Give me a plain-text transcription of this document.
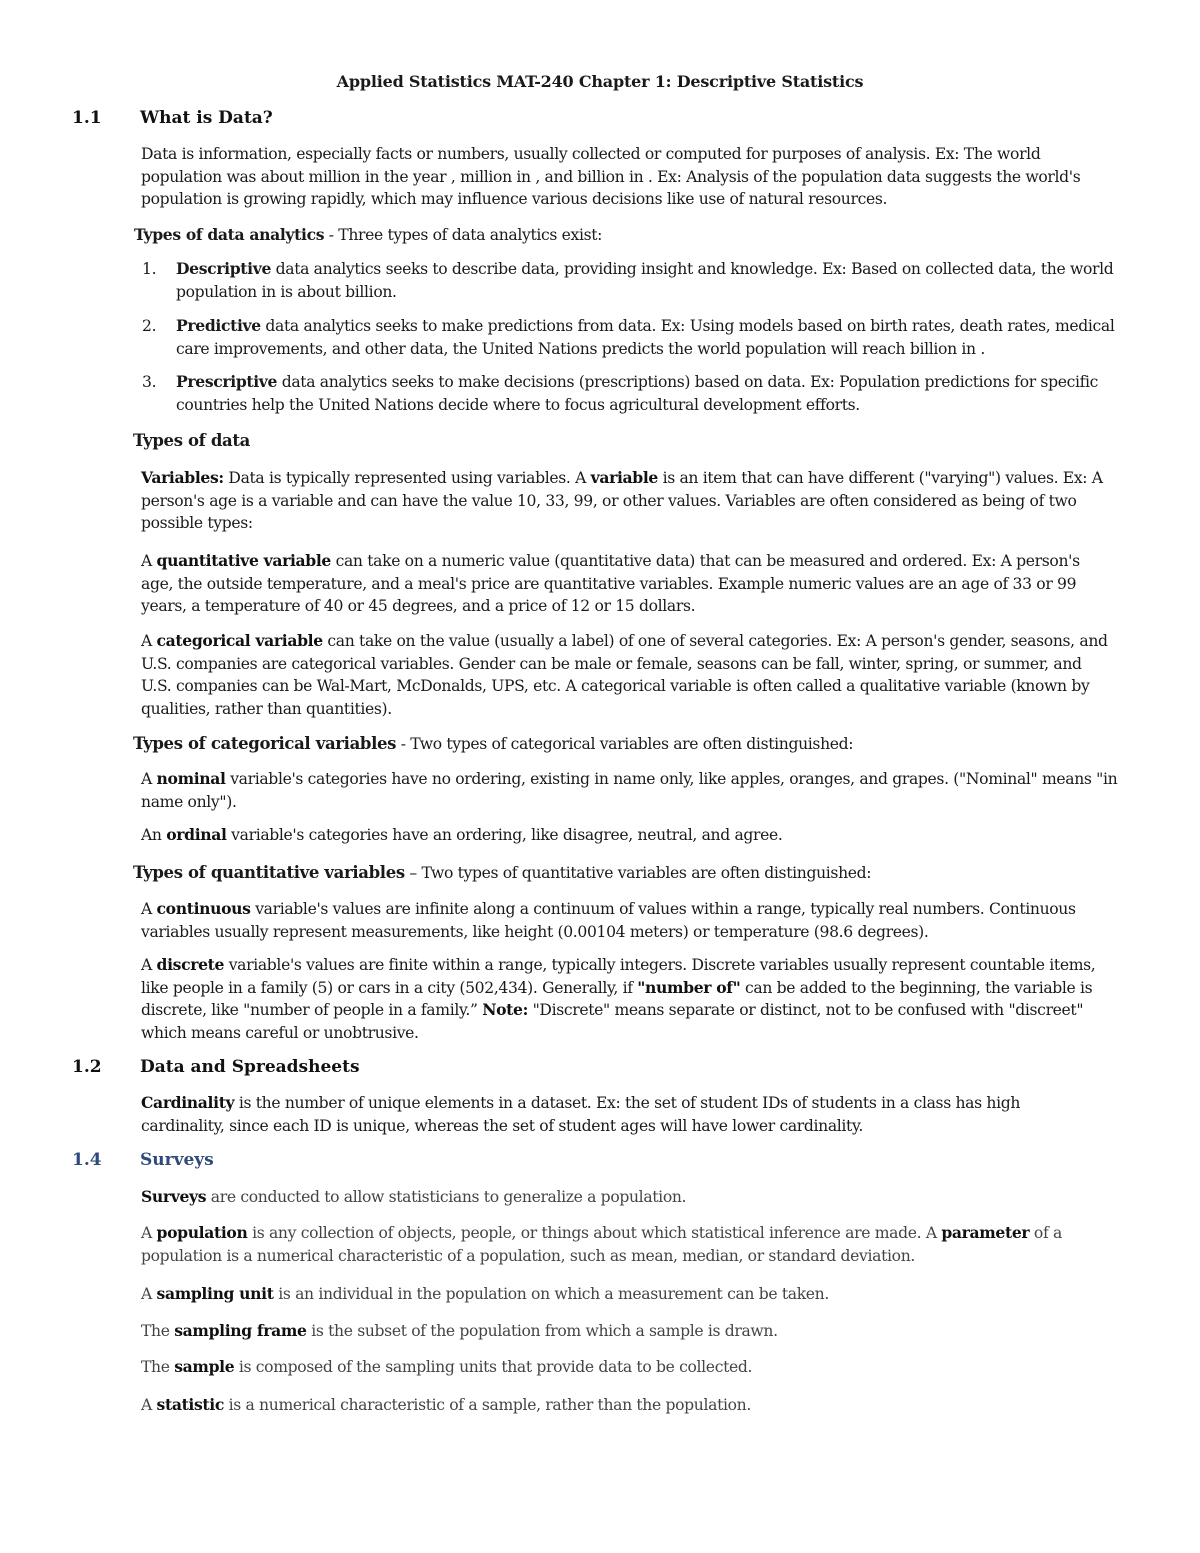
Applied Statistics MAT-240 Chapter 1: Descriptive Statistics
1.1 What is Data?
Data is information, especially facts or numbers, usually collected or computed for purposes of analysis. Ex: The world population was about million in the year , million in , and billion in . Ex: Analysis of the population data suggests the world's population is growing rapidly, which may influence various decisions like use of natural resources.
Types of data analytics - Three types of data analytics exist:
1. Descriptive data analytics seeks to describe data, providing insight and knowledge. Ex: Based on collected data, the world population in is about billion.
2. Predictive data analytics seeks to make predictions from data. Ex: Using models based on birth rates, death rates, medical care improvements, and other data, the United Nations predicts the world population will reach billion in .
3. Prescriptive data analytics seeks to make decisions (prescriptions) based on data. Ex: Population predictions for specific countries help the United Nations decide where to focus agricultural development efforts.
Types of data
Variables: Data is typically represented using variables. A variable is an item that can have different ("varying") values. Ex: A person's age is a variable and can have the value 10, 33, 99, or other values. Variables are often considered as being of two possible types:
A quantitative variable can take on a numeric value (quantitative data) that can be measured and ordered. Ex: A person's age, the outside temperature, and a meal's price are quantitative variables. Example numeric values are an age of 33 or 99 years, a temperature of 40 or 45 degrees, and a price of 12 or 15 dollars.
A categorical variable can take on the value (usually a label) of one of several categories. Ex: A person's gender, seasons, and U.S. companies are categorical variables. Gender can be male or female, seasons can be fall, winter, spring, or summer, and U.S. companies can be Wal-Mart, McDonalds, UPS, etc. A categorical variable is often called a qualitative variable (known by qualities, rather than quantities).
Types of categorical variables - Two types of categorical variables are often distinguished:
A nominal variable's categories have no ordering, existing in name only, like apples, oranges, and grapes. ("Nominal" means "in name only").
An ordinal variable's categories have an ordering, like disagree, neutral, and agree.
Types of quantitative variables – Two types of quantitative variables are often distinguished:
A continuous variable's values are infinite along a continuum of values within a range, typically real numbers. Continuous variables usually represent measurements, like height (0.00104 meters) or temperature (98.6 degrees).
A discrete variable's values are finite within a range, typically integers. Discrete variables usually represent countable items, like people in a family (5) or cars in a city (502,434). Generally, if "number of" can be added to the beginning, the variable is discrete, like "number of people in a family.” Note: "Discrete" means separate or distinct, not to be confused with "discreet" which means careful or unobtrusive.
1.2 Data and Spreadsheets
Cardinality is the number of unique elements in a dataset. Ex: the set of student IDs of students in a class has high cardinality, since each ID is unique, whereas the set of student ages will have lower cardinality.
1.4 Surveys
Surveys are conducted to allow statisticians to generalize a population.
A population is any collection of objects, people, or things about which statistical inference are made. A parameter of a population is a numerical characteristic of a population, such as mean, median, or standard deviation.
A sampling unit is an individual in the population on which a measurement can be taken.
The sampling frame is the subset of the population from which a sample is drawn.
The sample is composed of the sampling units that provide data to be collected.
A statistic is a numerical characteristic of a sample, rather than the population.
